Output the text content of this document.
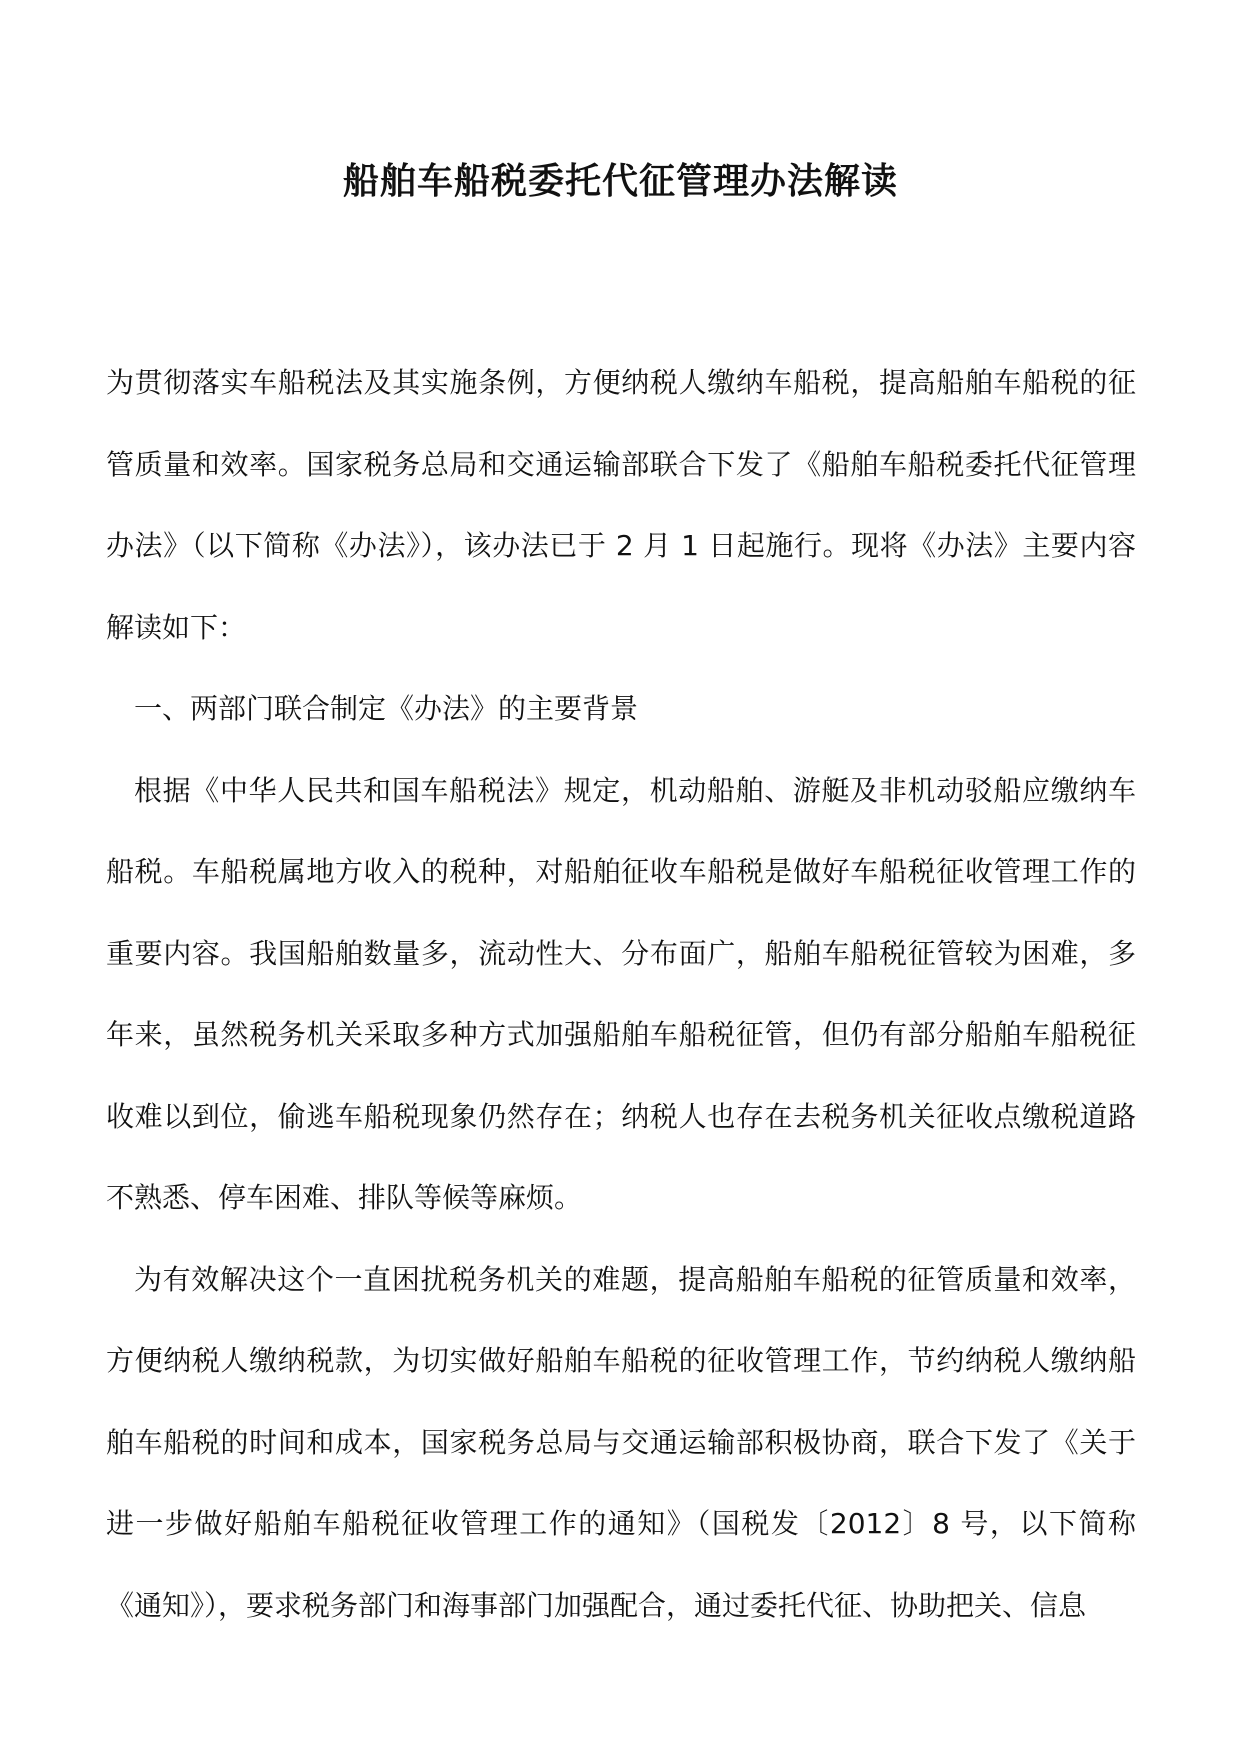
船舶车船税委托代征管理办法解读

为贯彻落实车船税法及其实施条例，方便纳税人缴纳车船税，提高船舶车船税的征管质量和效率。国家税务总局和交通运输部联合下发了《船舶车船税委托代征管理办法》（以下简称《办法》），该办法已于 2 月 1 日起施行。现将《办法》主要内容解读如下：

一、两部门联合制定《办法》的主要背景

根据《中华人民共和国车船税法》规定，机动船舶、游艇及非机动驳船应缴纳车船税。车船税属地方收入的税种，对船舶征收车船税是做好车船税征收管理工作的重要内容。我国船舶数量多，流动性大、分布面广，船舶车船税征管较为困难，多年来，虽然税务机关采取多种方式加强船舶车船税征管，但仍有部分船舶车船税征收难以到位，偷逃车船税现象仍然存在；纳税人也存在去税务机关征收点缴税道路不熟悉、停车困难、排队等候等麻烦。

为有效解决这个一直困扰税务机关的难题，提高船舶车船税的征管质量和效率，方便纳税人缴纳税款，为切实做好船舶车船税的征收管理工作，节约纳税人缴纳船舶车船税的时间和成本，国家税务总局与交通运输部积极协商，联合下发了《关于进一步做好船舶车船税征收管理工作的通知》（国税发〔2012〕8 号，以下简称《通知》），要求税务部门和海事部门加强配合，通过委托代征、协助把关、信息
